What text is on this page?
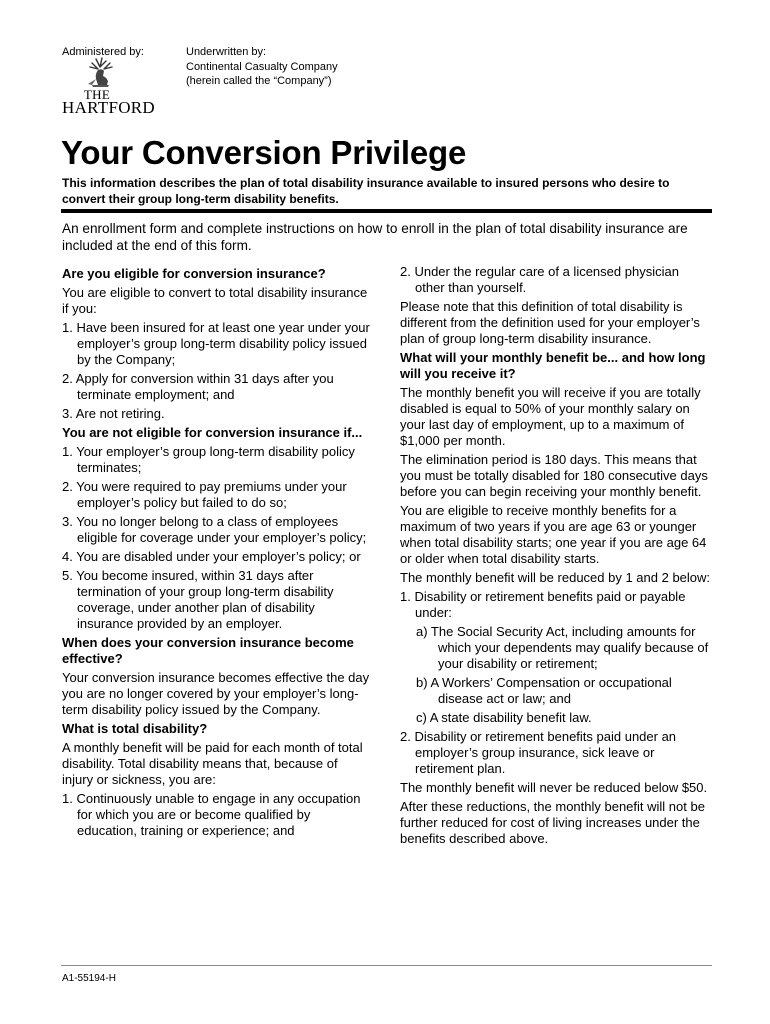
Administered by:	Underwritten by:
Continental Casualty Company
(herein called the “Company”)
THE
HARTFORD
Your Conversion Privilege
This information describes the plan of total disability insurance available to insured persons who desire to convert their group long-term disability benefits.
An enrollment form and complete instructions on how to enroll in the plan of total disability insurance are included at the end of this form.

Are you eligible for conversion insurance?

You are eligible to convert to total disability insurance if you:

1. Have been insured for at least one year under your employer’s group long-term disability policy issued by the Company;

2. Apply for conversion within 31 days after you terminate employment; and

3. Are not retiring.

You are not eligible for conversion insurance if...

1. Your employer’s group long-term disability policy terminates;

2. You were required to pay premiums under your employer’s policy but failed to do so;

3. You no longer belong to a class of employees eligible for coverage under your employer’s policy;

4. You are disabled under your employer’s policy; or

5. You become insured, within 31 days after termination of your group long-term disability coverage, under another plan of disability insurance provided by an employer.

When does your conversion insurance become effective?

Your conversion insurance becomes effective the day you are no longer covered by your employer’s long-term disability policy issued by the Company.

What is total disability?

A monthly benefit will be paid for each month of total disability. Total disability means that, because of injury or sickness, you are:

1. Continuously unable to engage in any occupation for which you are or become qualified by education, training or experience; and

2. Under the regular care of a licensed physician other than yourself.

Please note that this definition of total disability is different from the definition used for your employer’s plan of group long-term disability insurance.

What will your monthly benefit be... and how long will you receive it?

The monthly benefit you will receive if you are totally disabled is equal to 50% of your monthly salary on your last day of employment, up to a maximum of $1,000 per month.

The elimination period is 180 days. This means that you must be totally disabled for 180 consecutive days before you can begin receiving your monthly benefit.

You are eligible to receive monthly benefits for a maximum of two years if you are age 63 or younger when total disability starts; one year if you are age 64 or older when total disability starts.

The monthly benefit will be reduced by 1 and 2 below:

1. Disability or retirement benefits paid or payable under:

a) The Social Security Act, including amounts for which your dependents may qualify because of your disability or retirement;

b) A Workers’ Compensation or occupational disease act or law; and

c) A state disability benefit law.

2. Disability or retirement benefits paid under an employer’s group insurance, sick leave or retirement plan.

The monthly benefit will never be reduced below $50.

After these reductions, the monthly benefit will not be further reduced for cost of living increases under the benefits described above.

A1-55194-H
